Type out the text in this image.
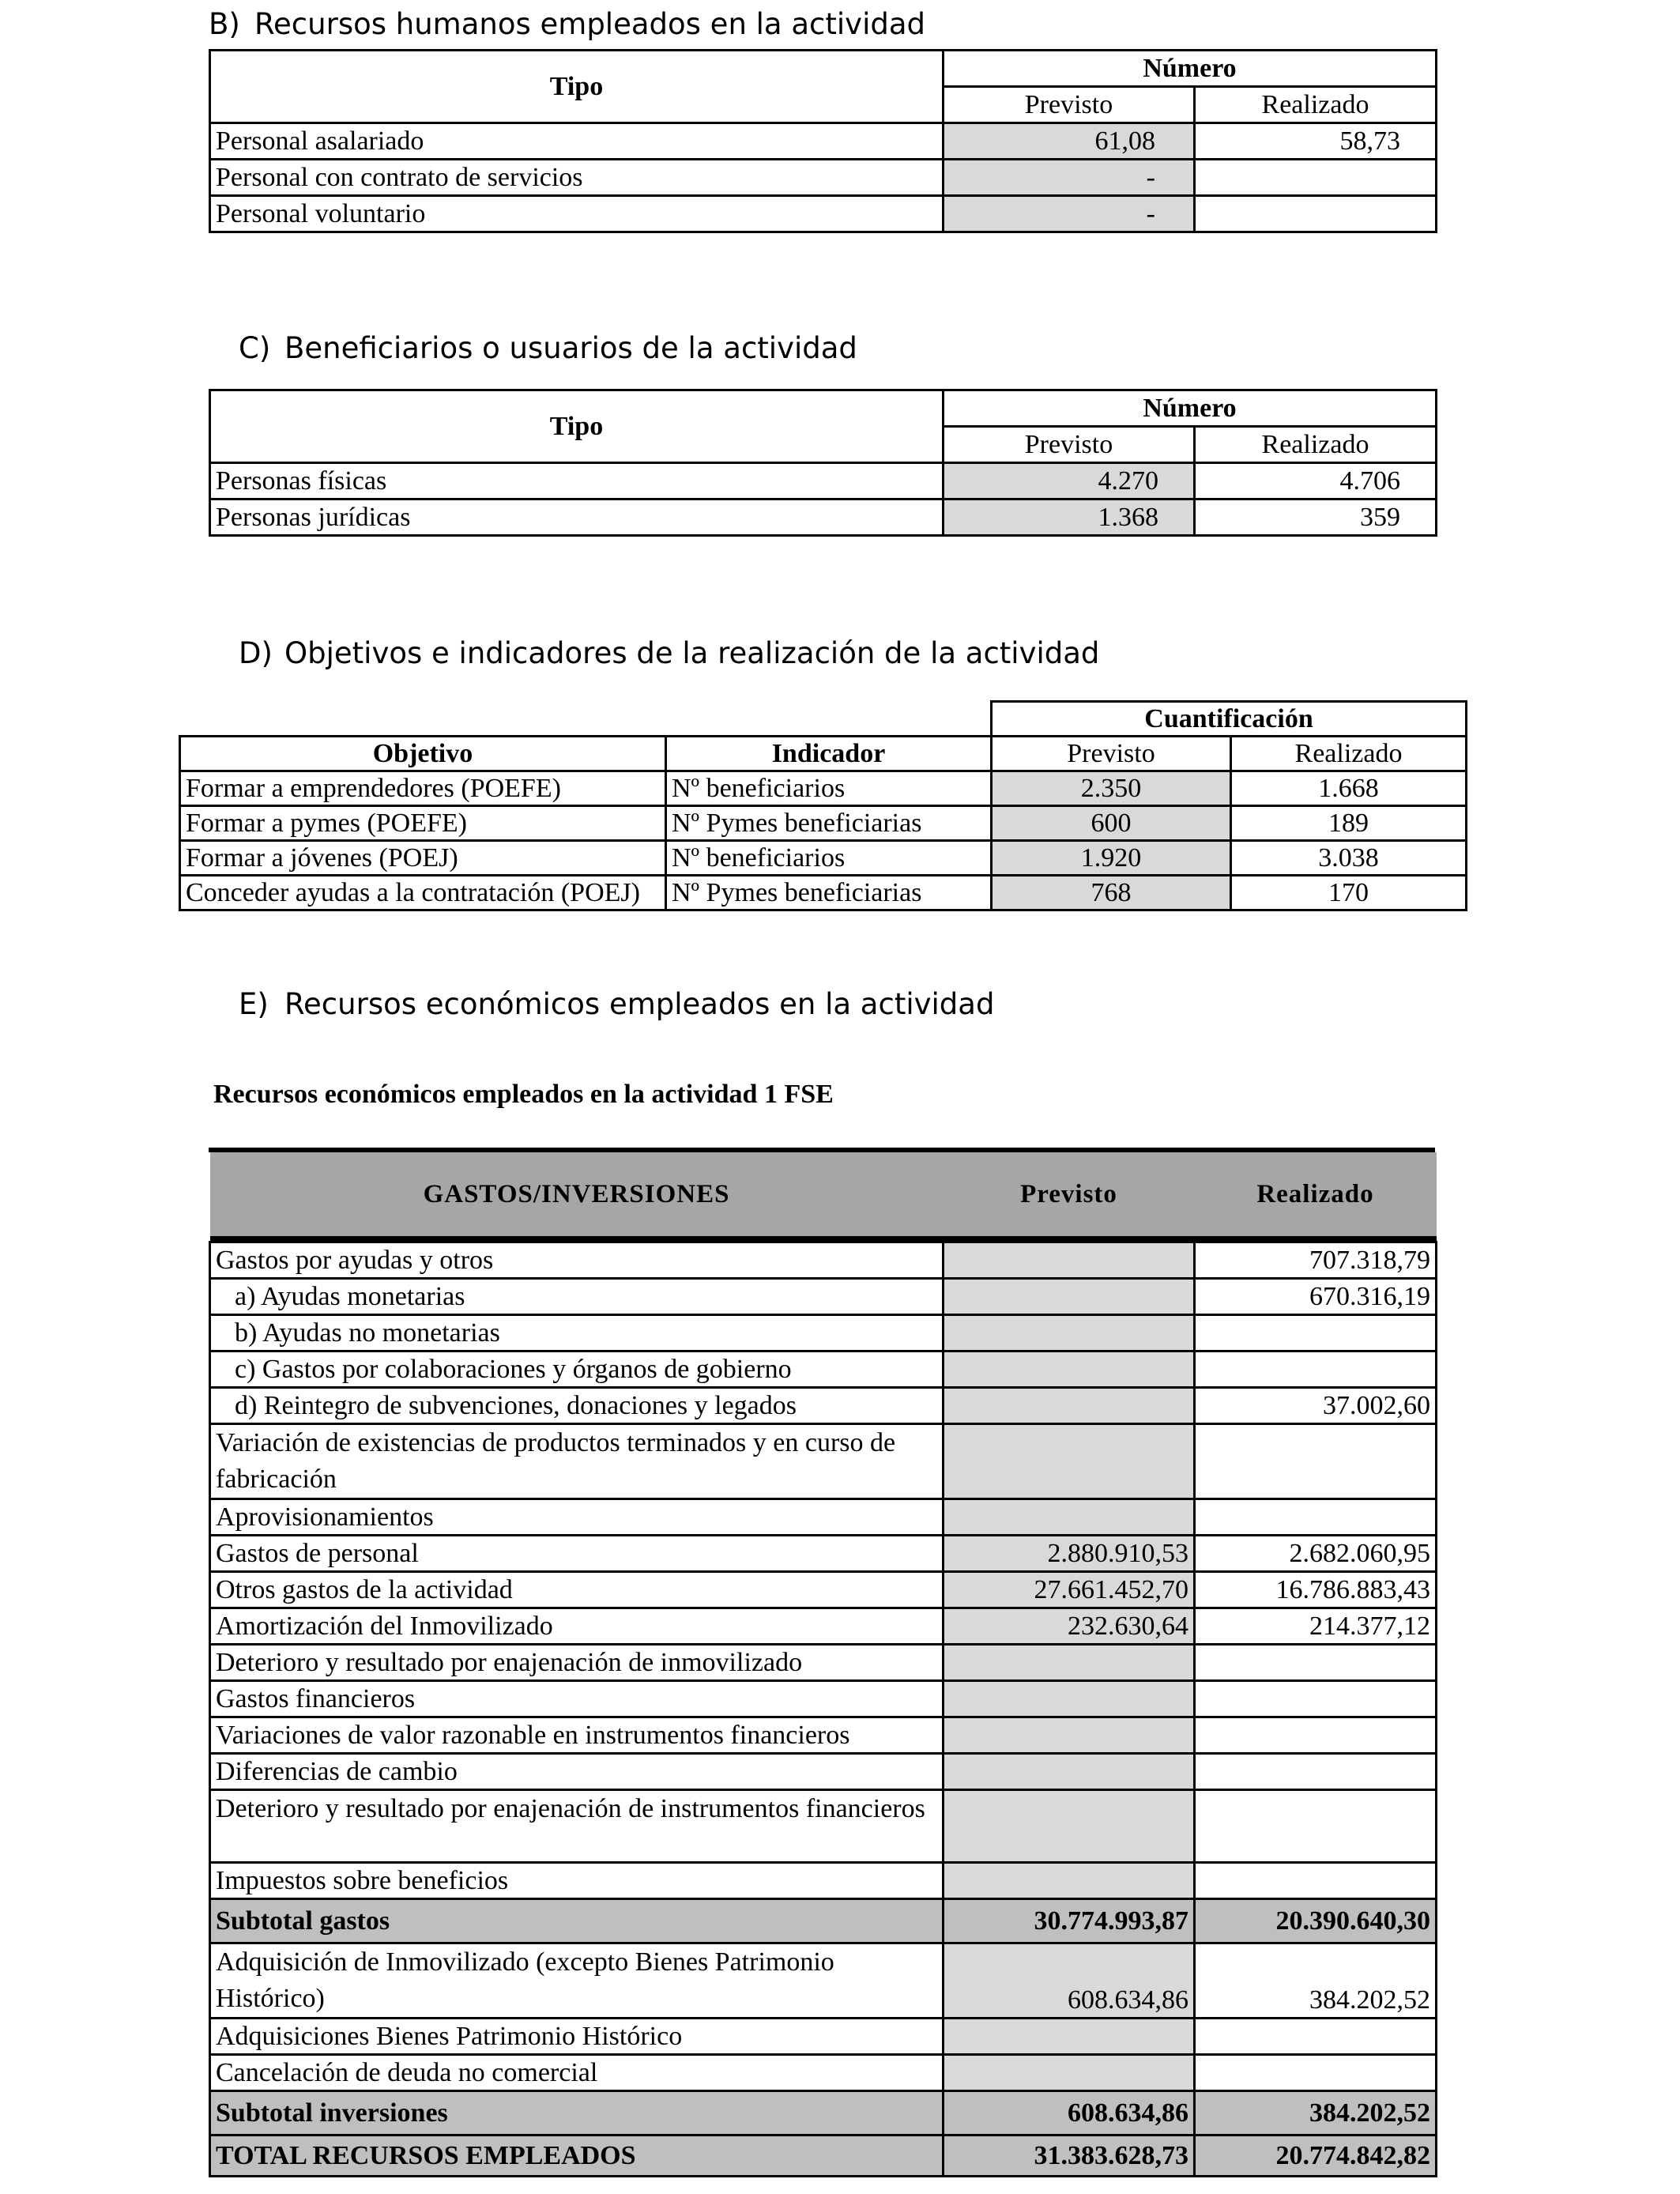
B) Recursos humanos empleados en la actividad
Tipo	Número	
	Previsto	Realizado
Personal asalariado	61,08	58,73
Personal con contrato de servicios	-	
Personal voluntario	-	
C) Beneficiarios o usuarios de la actividad
Tipo	Número	
	Previsto	Realizado
Personas físicas	4.270	4.706
Personas jurídicas	1.368	359
D) Objetivos e indicadores de la realización de la actividad
		Cuantificación	
Objetivo	Indicador	Previsto	Realizado
Formar a emprendedores (POEFE)	Nº beneficiarios	2.350	1.668
Formar a pymes (POEFE)	Nº Pymes beneficiarias	600	189
Formar a jóvenes (POEJ)	Nº beneficiarios	1.920	3.038
Conceder ayudas a la contratación (POEJ)	Nº Pymes beneficiarias	768	170
E) Recursos económicos empleados en la actividad
Recursos económicos empleados en la actividad 1 FSE
GASTOS/INVERSIONES	Previsto	Realizado

Gastos por ayudas y otros		707.318,79
a) Ayudas monetarias		670.316,19
b) Ayudas no monetarias		
c) Gastos por colaboraciones y órganos de gobierno		
d) Reintegro de subvenciones, donaciones y legados		37.002,60
Variación de existencias de productos terminados y en curso de fabricación		
Aprovisionamientos		
Gastos de personal	2.880.910,53	2.682.060,95
Otros gastos de la actividad	27.661.452,70	16.786.883,43
Amortización del Inmovilizado	232.630,64	214.377,12
Deterioro y resultado por enajenación de inmovilizado		
Gastos financieros		
Variaciones de valor razonable en instrumentos financieros		
Diferencias de cambio		
Deterioro y resultado por enajenación de instrumentos financieros		
Impuestos sobre beneficios		
Subtotal gastos	30.774.993,87	20.390.640,30
Adquisición de Inmovilizado (excepto Bienes Patrimonio Histórico)	608.634,86	384.202,52
Adquisiciones Bienes Patrimonio Histórico		
Cancelación de deuda no comercial		
Subtotal inversiones	608.634,86	384.202,52
TOTAL RECURSOS EMPLEADOS	31.383.628,73	20.774.842,82
